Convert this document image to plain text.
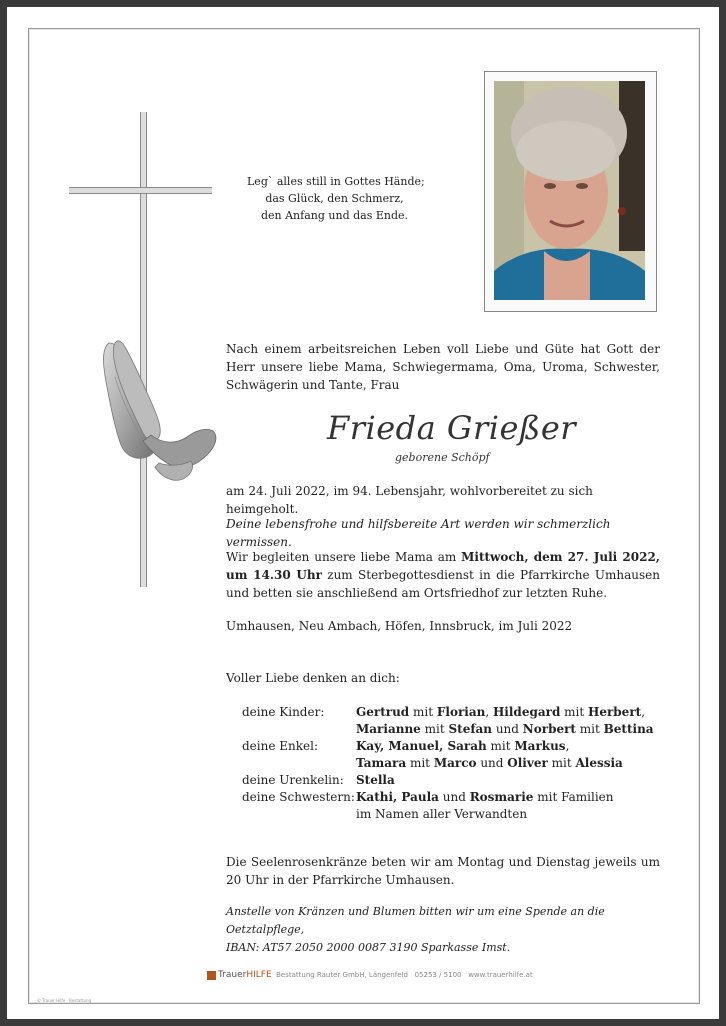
Leg` alles still in Gottes Hände;
das Glück, den Schmerz,
den Anfang und das Ende.
Nach einem arbeitsreichen Leben voll Liebe und Güte hat Gott der Herr unsere liebe Mama, Schwiegermama, Oma, Uroma, Schwester, Schwägerin und Tante, Frau
Frieda Grießer
geborene Schöpf
am 24. Juli 2022, im 94. Lebensjahr, wohlvorbereitet zu sich heimgeholt.
Deine lebensfrohe und hilfsbereite Art werden wir schmerzlich vermissen.
Wir begleiten unsere liebe Mama am Mittwoch, dem 27. Juli 2022, um 14.30 Uhr zum Sterbegottesdienst in die Pfarrkirche Umhausen und betten sie anschließend am Ortsfriedhof zur letzten Ruhe.
Umhausen, Neu Ambach, Höfen, Innsbruck, im Juli 2022
Voller Liebe denken an dich:
deine Kinder:	Gertrud mit Florian, Hildegard mit Herbert,
Marianne mit Stefan und Norbert mit Bettina
deine Enkel:	Kay, Manuel, Sarah mit Markus,
Tamara mit Marco und Oliver mit Alessia
deine Urenkelin: Stella
deine Schwestern: Kathi, Paula und Rosmarie mit Familien
im Namen aller Verwandten
Die Seelenrosenkränze beten wir am Montag und Dienstag jeweils um 20 Uhr in der Pfarrkirche Umhausen.
Anstelle von Kränzen und Blumen bitten wir um eine Spende an die Oetztalpflege,
IBAN: AT57 2050 2000 0087 3190 Sparkasse Imst.
TrauerHILFE Bestattung Rauter GmbH, Längenfeld 05253 / 5100 www.trauerhilfe.at
© Trauer Hilfe · Bestattung
